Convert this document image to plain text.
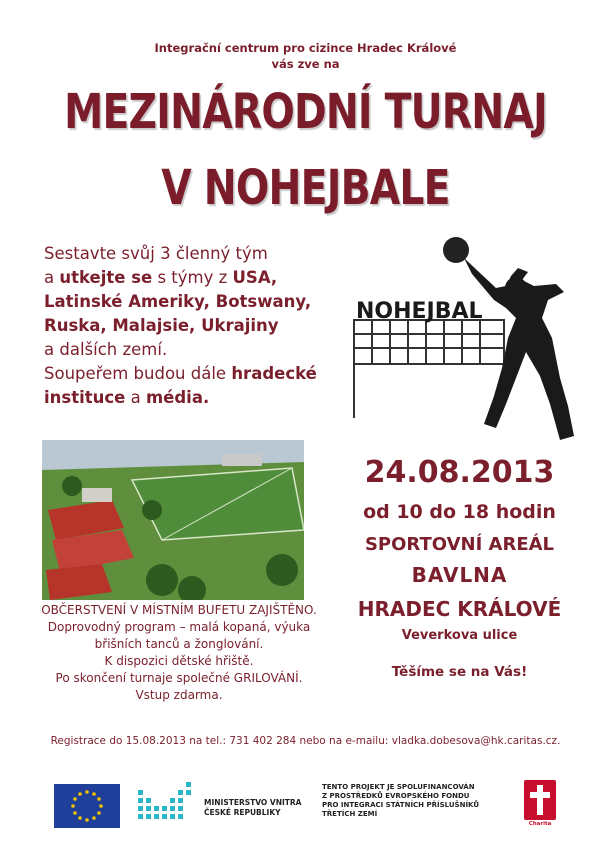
Integrační centrum pro cizince Hradec Králové
vás zve na
MEZINÁRODNÍ TURNAJ
V NOHEJBALE
Sestavte svůj 3 členný tým
a utkejte se s týmy z USA,
Latinské Ameriky, Botswany,
Ruska, Malajsie, Ukrajiny
a dalších zemí.
Soupeřem budou dále hradecké
instituce a média.
NOHEJBAL
24.08.2013
od 10 do 18 hodin
SPORTOVNÍ AREÁL
BAVLNA
HRADEC KRÁLOVÉ
Veverkova ulice
Těšíme se na Vás!
OBČERSTVENÍ V MÍSTNÍM BUFETU ZAJIŠTĚNO.
Doprovodný program – malá kopaná, výuka
břišních tanců a žonglování.
K dispozici dětské hřiště.
Po skončení turnaje společné GRILOVÁNÍ.
Vstup zdarma.
Registrace do 15.08.2013 na tel.: 731 402 284 nebo na e-mailu: vladka.dobesova@hk.caritas.cz.
MINISTERSTVO VNITRA
ČESKÉ REPUBLIKY
TENTO PROJEKT JE SPOLUFINANCOVÁN
Z PROSTŘEDKŮ EVROPSKÉHO FONDU
PRO INTEGRACI STÁTNÍCH PŘÍSLUŠNÍKŮ
TŘETÍCH ZEMÍ
Charita
